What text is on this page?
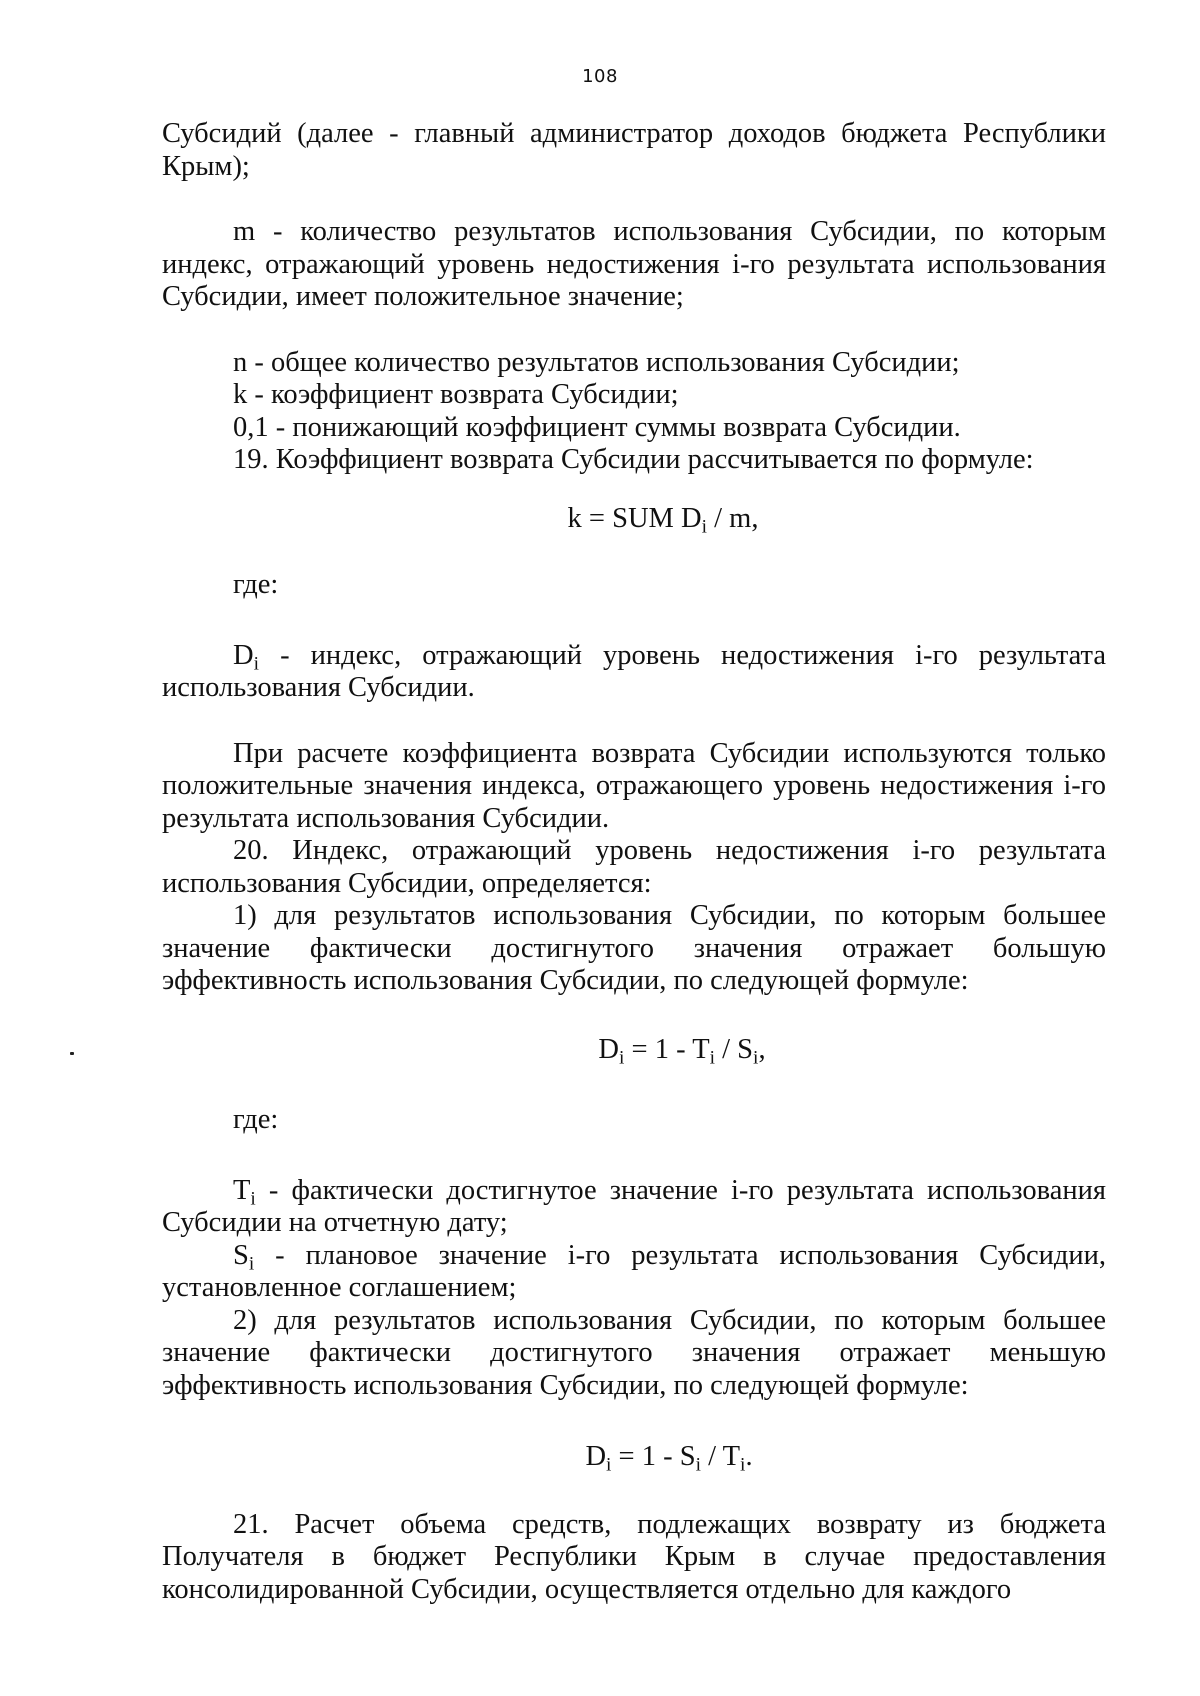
108

Субсидий (далее - главный администратор доходов бюджета Республики Крым);

m - количество результатов использования Субсидии, по которым индекс, отражающий уровень недостижения i-го результата использования Субсидии, имеет положительное значение;

n - общее количество результатов использования Субсидии;

k - коэффициент возврата Субсидии;

0,1 - понижающий коэффициент суммы возврата Субсидии.

19. Коэффициент возврата Субсидии рассчитывается по формуле:

k = SUM $D_i$ / m,

где:

$D_i$ - индекс, отражающий уровень недостижения i-го результата использования Субсидии.

При расчете коэффициента возврата Субсидии используются только положительные значения индекса, отражающего уровень недостижения i-го результата использования Субсидии.

20. Индекс, отражающий уровень недостижения i-го результата использования Субсидии, определяется:

1) для результатов использования Субсидии, по которым большее значение фактически достигнутого значения отражает большую эффективность использования Субсидии, по следующей формуле:

$D_i = 1 - T_i / S_i$,

где:

$T_i$ - фактически достигнутое значение i-го результата использования Субсидии на отчетную дату;

$S_i$ - плановое значение i-го результата использования Субсидии, установленное соглашением;

2) для результатов использования Субсидии, по которым большее значение фактически достигнутого значения отражает меньшую эффективность использования Субсидии, по следующей формуле:

$D_i = 1 - S_i / T_i$.

21. Расчет объема средств, подлежащих возврату из бюджета Получателя в бюджет Республики Крым в случае предоставления консолидированной Субсидии, осуществляется отдельно для каждого
